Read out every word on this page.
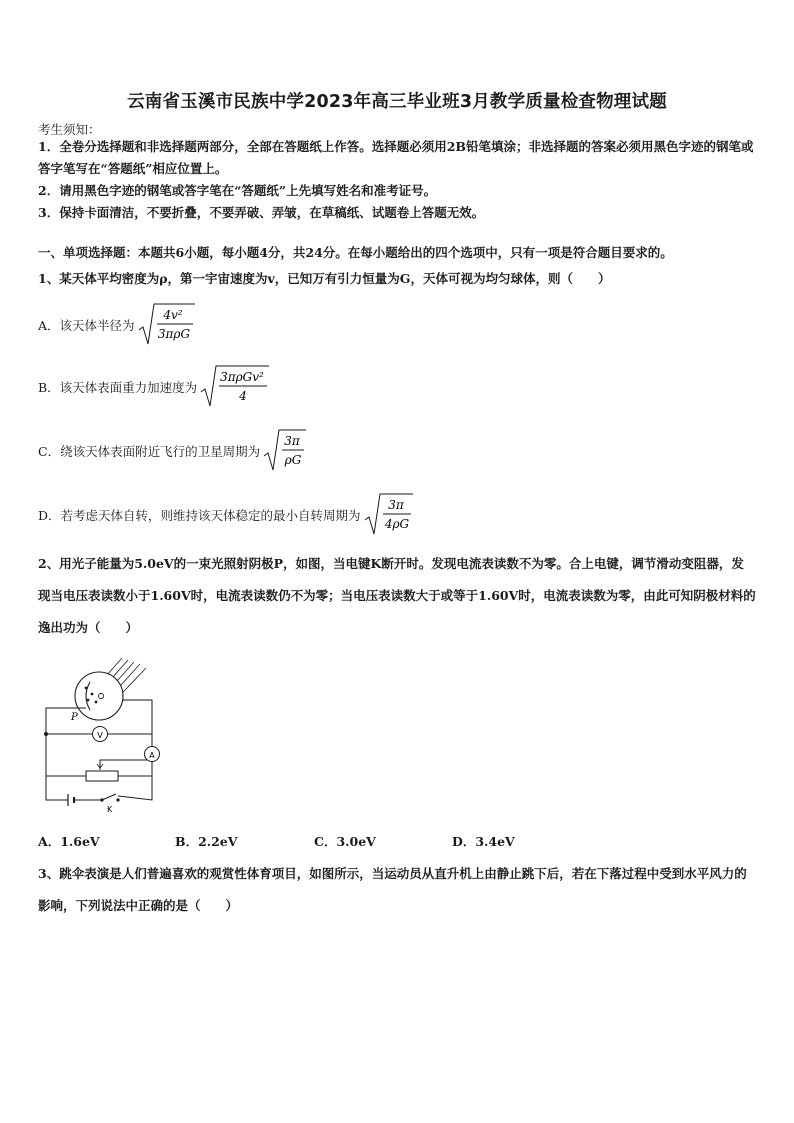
云南省玉溪市民族中学2023年高三毕业班3月教学质量检查物理试题
考生须知：
1．全卷分选择题和非选择题两部分，全部在答题纸上作答。选择题必须用2B铅笔填涂；非选择题的答案必须用黑色字迹的钢笔或答字笔写在“答题纸”相应位置上。
2．请用黑色字迹的钢笔或答字笔在“答题纸”上先填写姓名和准考证号。
3．保持卡面清洁，不要折叠，不要弄破、弄皱，在草稿纸、试题卷上答题无效。
一、单项选择题：本题共6小题，每小题4分，共24分。在每小题给出的四个选项中，只有一项是符合题目要求的。
1、某天体平均密度为ρ，第一宇宙速度为v，已知万有引力恒量为G，天体可视为均匀球体，则（　　）
A．该天体半径为
4v²
3πρG
B．该天体表面重力加速度为
3πρGv²
4
C．绕该天体表面附近飞行的卫星周期为
3π
ρG
D．若考虑天体自转，则维持该天体稳定的最小自转周期为
3π
4ρG
2、用光子能量为5.0eV的一束光照射阴极P，如图，当电键K断开时。发现电流表读数不为零。合上电键，调节滑动变阻器，发现当电压表读数小于1.60V时，电流表读数仍不为零；当电压表读数大于或等于1.60V时，电流表读数为零，由此可知阴极材料的逸出功为（　　）
P
V
A
K
A．1.6eV	B．2.2eV	C．3.0eV	D．3.4eV
3、跳伞表演是人们普遍喜欢的观赏性体育项目，如图所示，当运动员从直升机上由静止跳下后，若在下落过程中受到水平风力的影响，下列说法中正确的是（　　）
